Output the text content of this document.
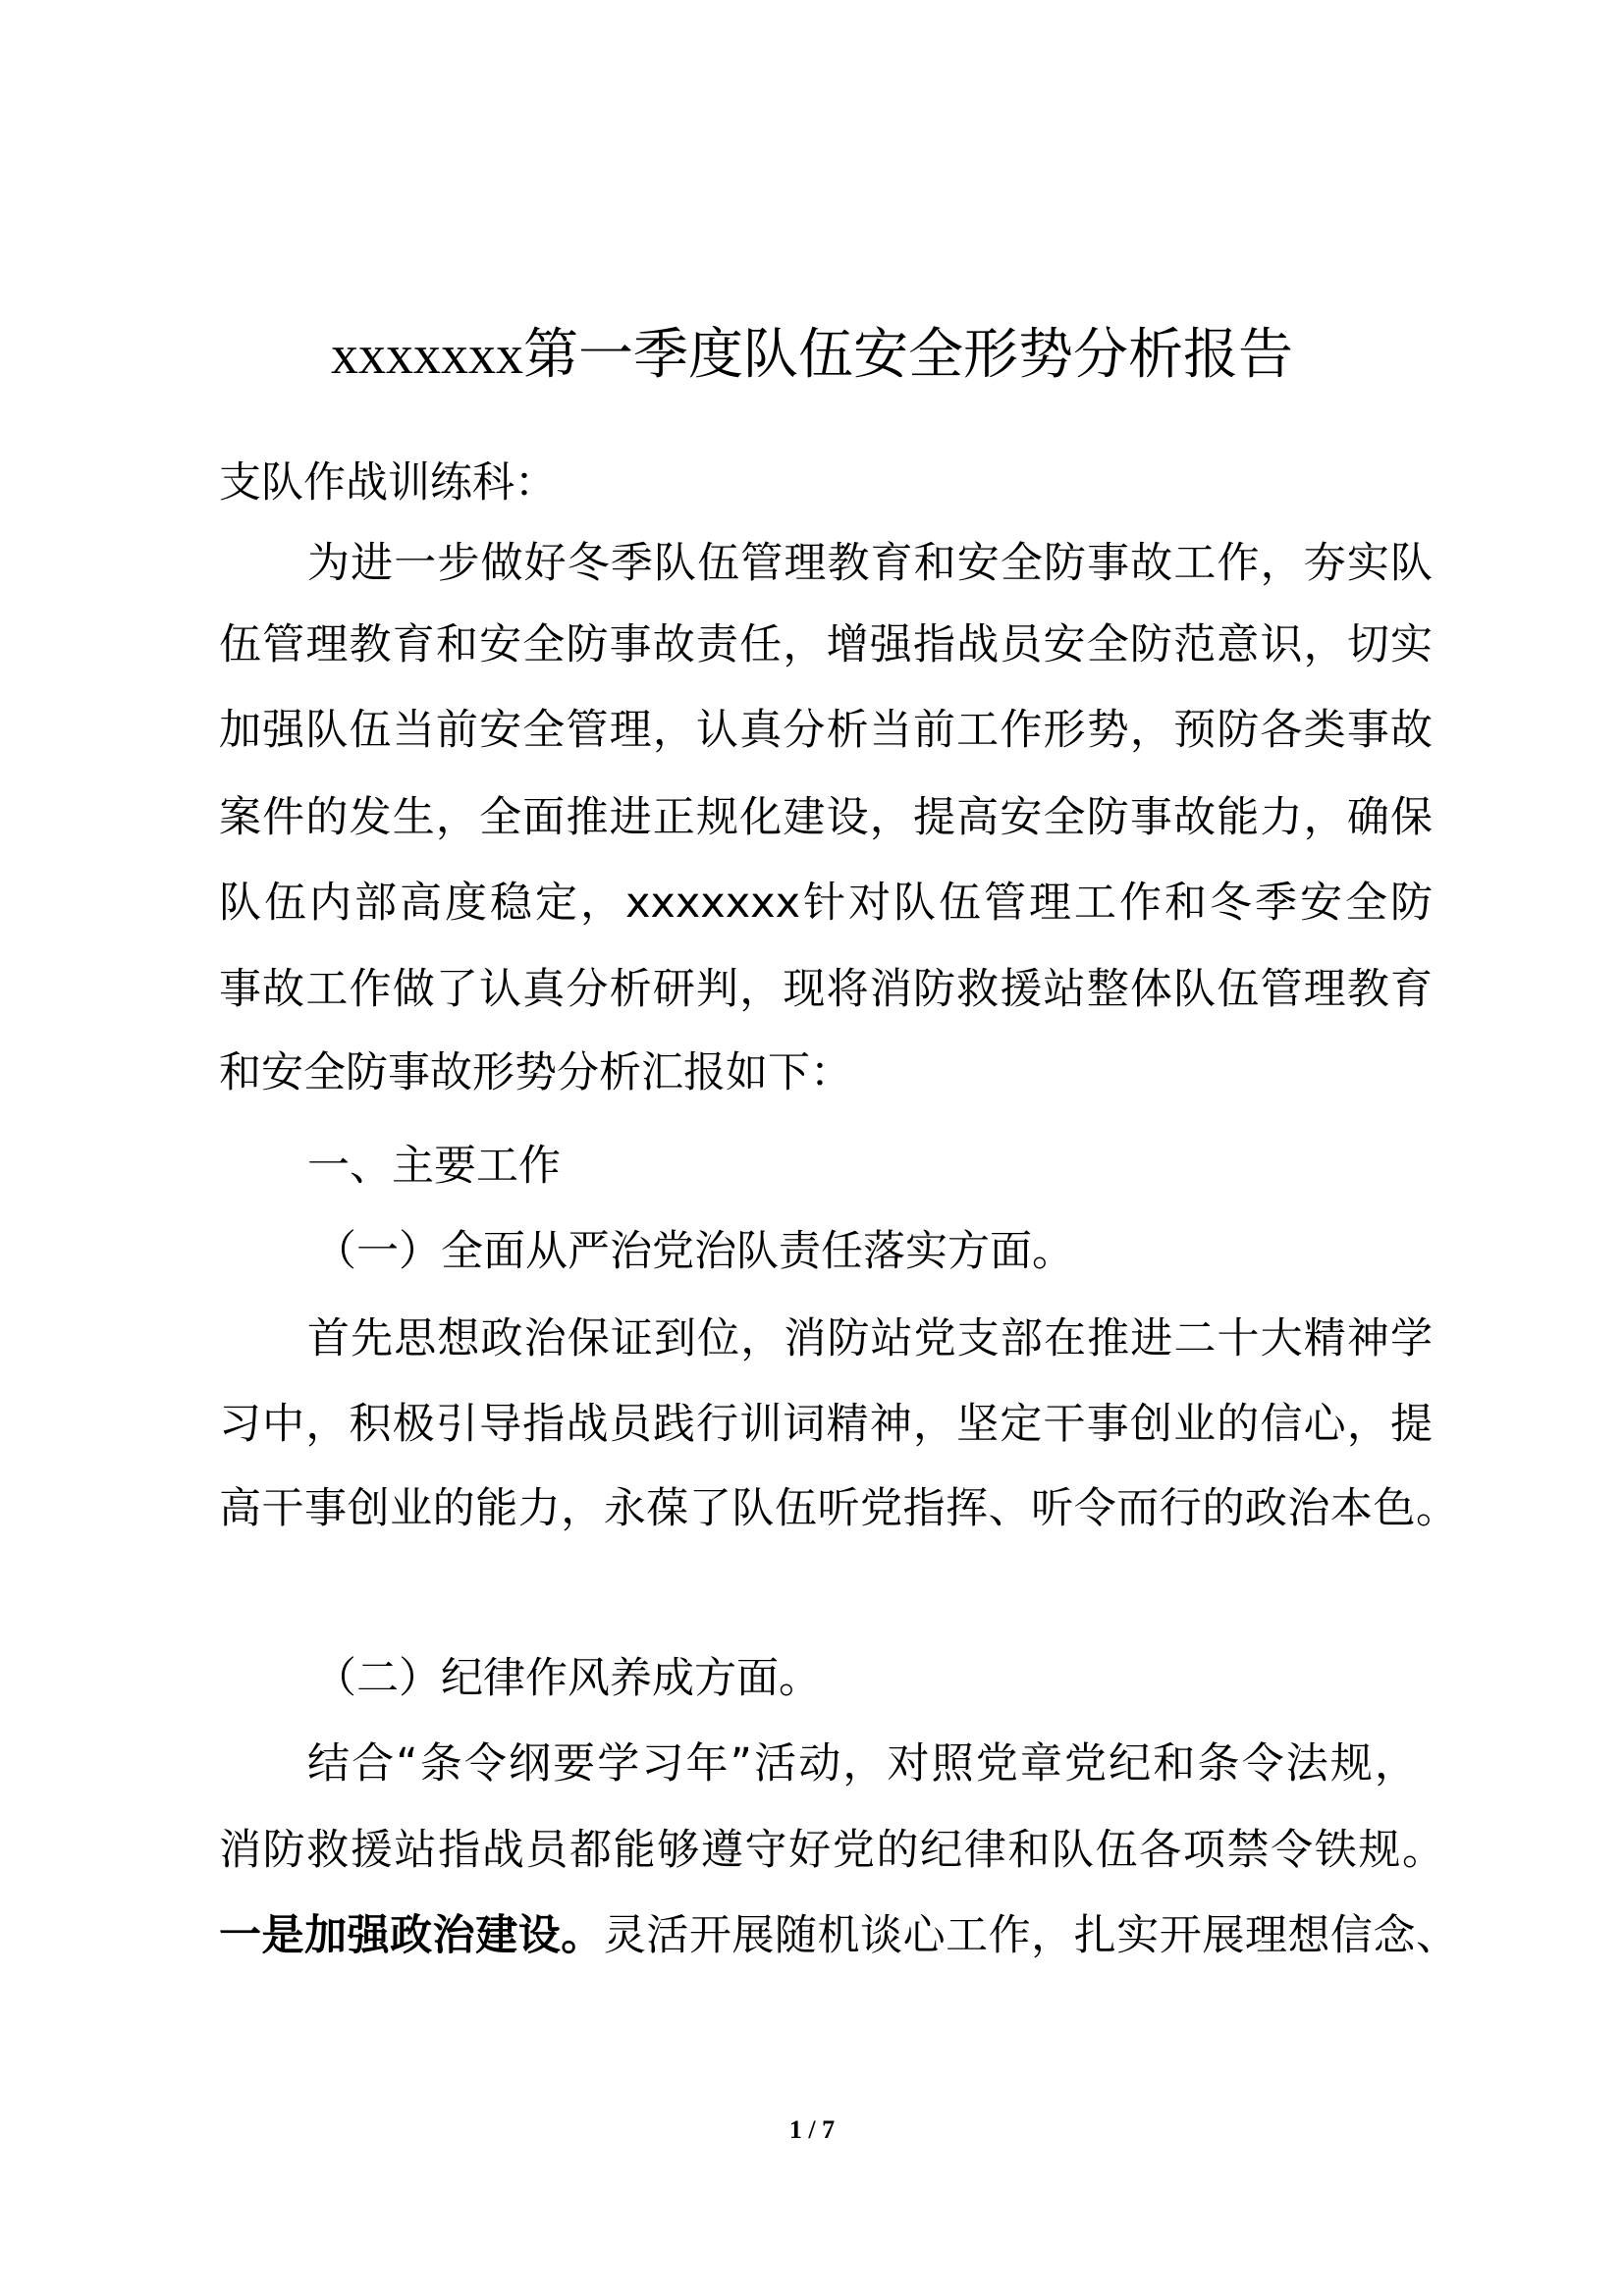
xxxxxxx第一季度队伍安全形势分析报告
支队作战训练科：
为进一步做好冬季队伍管理教育和安全防事故工作，夯实队
伍管理教育和安全防事故责任，增强指战员安全防范意识，切实
加强队伍当前安全管理，认真分析当前工作形势，预防各类事故
案件的发生，全面推进正规化建设，提高安全防事故能力，确保
队伍内部高度稳定，xxxxxxx针对队伍管理工作和冬季安全防
事故工作做了认真分析研判，现将消防救援站整体队伍管理教育
和安全防事故形势分析汇报如下：
一、主要工作
（一）全面从严治党治队责任落实方面。
首先思想政治保证到位，消防站党支部在推进二十大精神学
习中，积极引导指战员践行训词精神，坚定干事创业的信心，提
高干事创业的能力，永葆了队伍听党指挥、听令而行的政治本色。
（二）纪律作风养成方面。
结合“条令纲要学习年”活动，对照党章党纪和条令法规，
消防救援站指战员都能够遵守好党的纪律和队伍各项禁令铁规。
一是加强政治建设。灵活开展随机谈心工作，扎实开展理想信念、
1 / 7
